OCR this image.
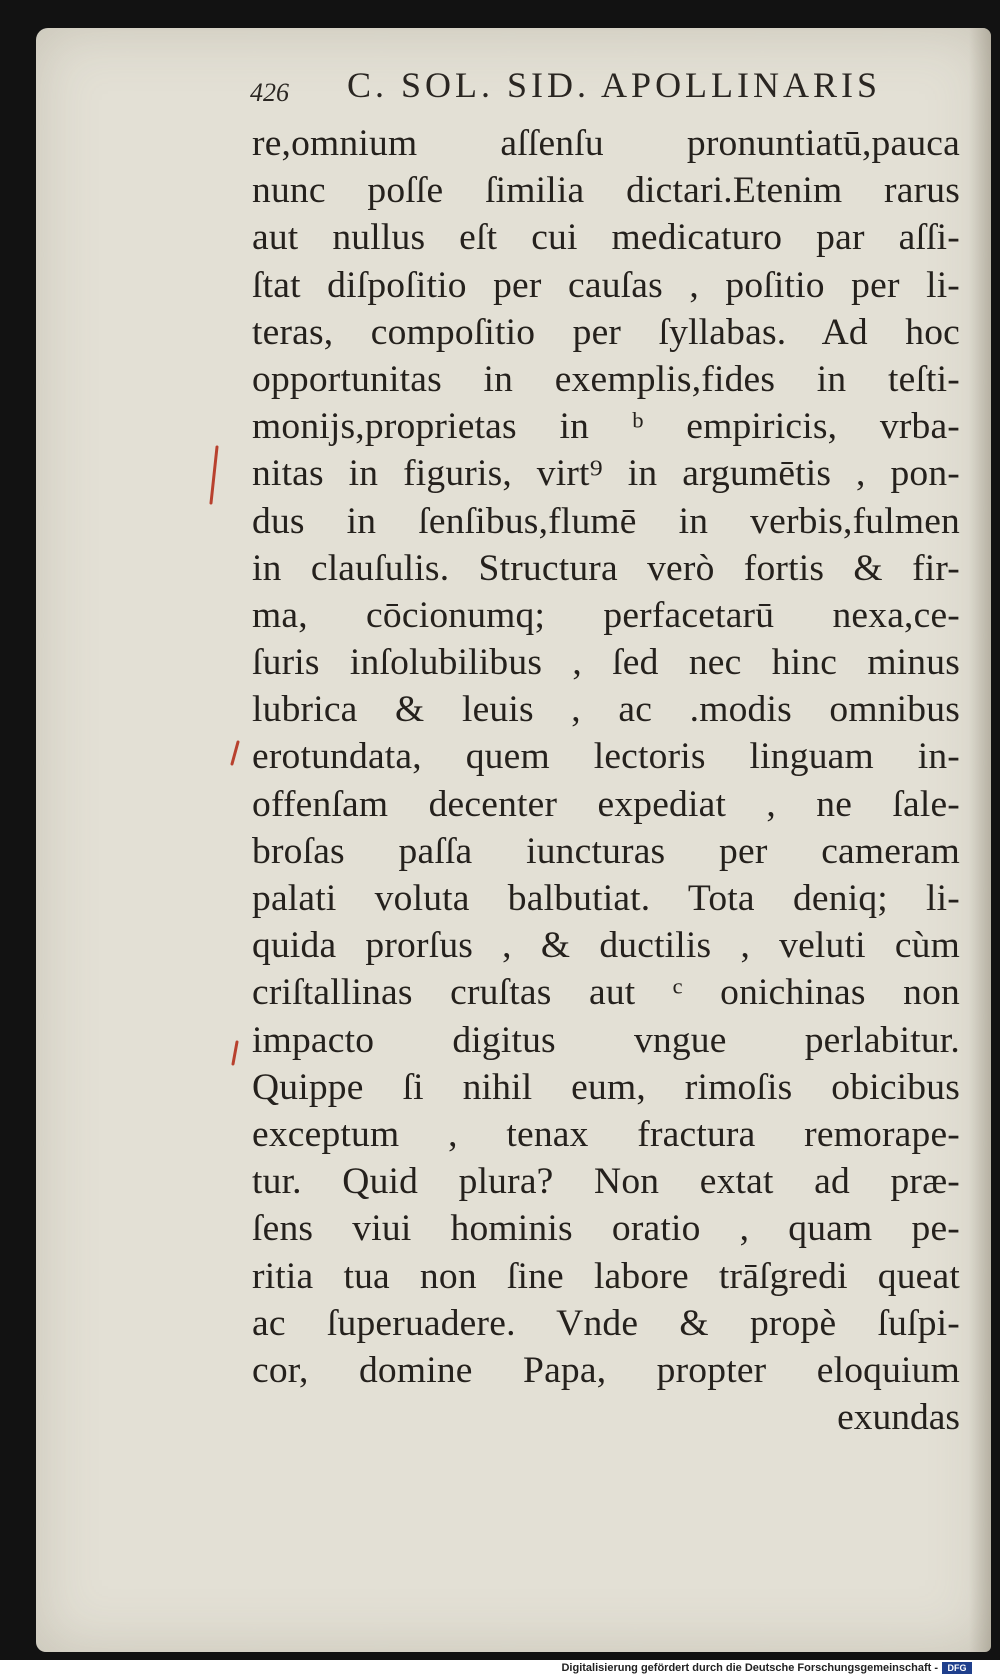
426 C. SOL. SID. APOLLINARIS
re,omnium aſſenſu pronuntiatū,pauca
nunc poſſe ſimilia dictari.Etenim rarus
aut nullus eſt cui medicaturo par aſſi-
ſtat diſpoſitio per cauſas , poſitio per li-
teras, compoſitio per ſyllabas. Ad hoc
opportunitas in exemplis,fides in teſti-
monijs,proprietas in ᵇ empiricis, vrba-
nitas in figuris, virt⁹ in argumētis , pon-
dus in ſenſibus,flumē in verbis,fulmen
in clauſulis. Structura verò fortis & fir-
ma, cōcionumq; perfacetarū nexa,ce-
ſuris inſolubilibus , ſed nec hinc minus
lubrica & leuis , ac .modis omnibus
erotundata, quem lectoris linguam in-
offenſam decenter expediat , ne ſale-
broſas paſſa iuncturas per cameram
palati voluta balbutiat. Tota deniq; li-
quida prorſus , & ductilis , veluti cùm
criſtallinas cruſtas aut ᶜ onichinas non
impacto digitus vngue perlabitur.
Quippe ſi nihil eum, rimoſis obicibus
exceptum , tenax fractura remoraре-
tur. Quid plura? Non extat ad præ-
ſens viui hominis oratio , quam pe-
ritia tua non ſine labore trāſgredi queat
ac ſuperuadere. Vnde & propè ſuſpi-
cor, domine Papa, propter eloquium
exundas
Digitalisierung gefördert durch die Deutsche Forschungsgemeinschaft -	DFG
